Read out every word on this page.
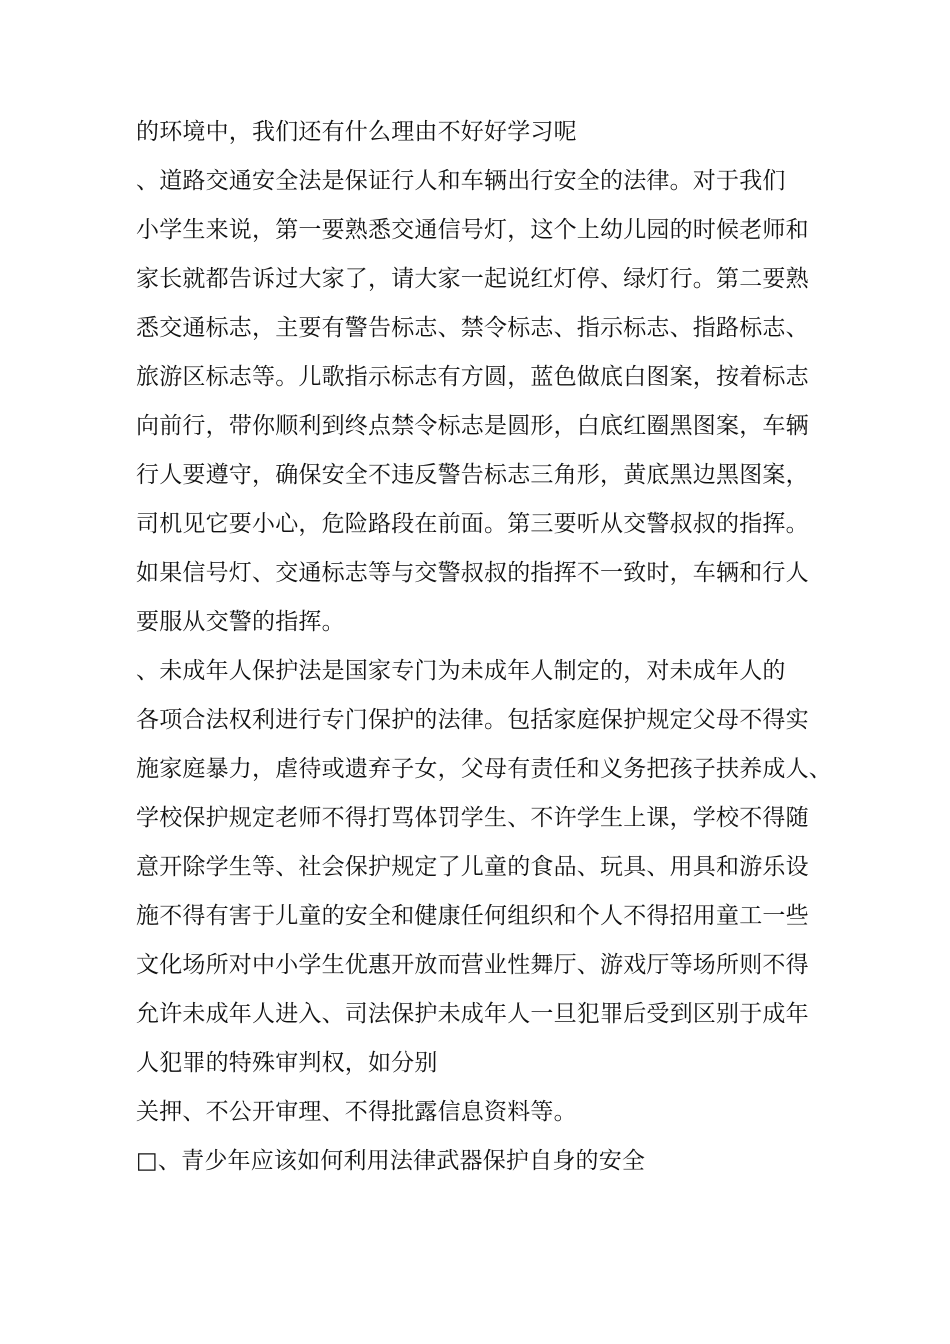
的环境中，我们还有什么理由不好好学习呢

、道路交通安全法是保证行人和车辆出行安全的法律。对于我们

小学生来说，第一要熟悉交通信号灯，这个上幼儿园的时候老师和

家长就都告诉过大家了，请大家一起说红灯停、绿灯行。第二要熟

悉交通标志，主要有警告标志、禁令标志、指示标志、指路标志、

旅游区标志等。儿歌指示标志有方圆，蓝色做底白图案，按着标志

向前行，带你顺利到终点禁令标志是圆形，白底红圈黑图案，车辆

行人要遵守，确保安全不违反警告标志三角形，黄底黑边黑图案，

司机见它要小心，危险路段在前面。第三要听从交警叔叔的指挥。

如果信号灯、交通标志等与交警叔叔的指挥不一致时，车辆和行人

要服从交警的指挥。

、未成年人保护法是国家专门为未成年人制定的，对未成年人的

各项合法权利进行专门保护的法律。包括家庭保护规定父母不得实

施家庭暴力，虐待或遗弃子女，父母有责任和义务把孩子扶养成人、

学校保护规定老师不得打骂体罚学生、不许学生上课，学校不得随

意开除学生等、社会保护规定了儿童的食品、玩具、用具和游乐设

施不得有害于儿童的安全和健康任何组织和个人不得招用童工一些

文化场所对中小学生优惠开放而营业性舞厅、游戏厅等场所则不得

允许未成年人进入、司法保护未成年人一旦犯罪后受到区别于成年

人犯罪的特殊审判权，如分别

关押、不公开审理、不得批露信息资料等。

□、青少年应该如何利用法律武器保护自身的安全
